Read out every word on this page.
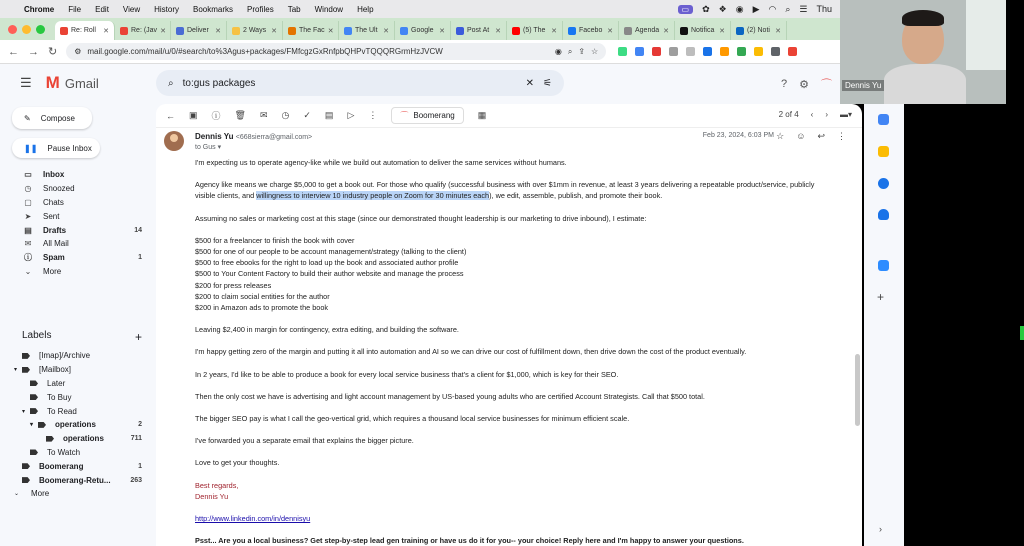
Chrome File Edit View History Bookmarks Profiles Tab Window Help	▭	✿ ❖ ◉ ▶ ◠ ⌕ ☰ Thu
Re: Roll ✕	Re: (Jav ✕	Deliver ✕	2 Ways ✕	The Fac ✕	The Ult ✕	Google ✕	Post At ✕	(5) The ✕	Facebo ✕	Agenda ✕	Notifica ✕	(2) Noti ✕
← → ↻ ⚙ mail.google.com/mail/u/0/#search/to%3Agus+packages/FMfcgzGxRnfpbQHPvTQQQRGrmHzJVCW	◉ ⌕ ⇪ ☆
☰ M Gmail	⌕ to:gus packages	✕ ⚟	? ⚙ ⌒
✎ Compose
❚❚ Pause Inbox
▭ Inbox
◷	Snoozed
▢ Chats
➤	Sent
▤ Drafts	14
✉	All Mail
ⓘ Spam	1
⌄	More
Labels	+
[Imap]/Archive
▾	[Mailbox]
Later
To Buy
▾	To Read
▾	operations	2
operations	711
To Watch
Boomerang	1
Boomerang-Retu...	263
⌄	More
← ▣ ⓘ 🗑 ✉ ◷ ✓ ▤ ▷ ⋮	⌒ Boomerang	▦	2 of 4 ‹ › ▬▾
Dennis Yu <668sierra@gmail.com>
to Gus ▾
Feb 23, 2024, 6:03 PM ☆ ☺ ↩ ⋮

I'm expecting us to operate agency-like while we build out automation to deliver the same services without humans.

Agency like means we charge $5,000 to get a book out. For those who qualify (successful business with over $1mm in revenue, at least 3 years delivering a repeatable product/service, publicly visible clients, and willingness to interview 10 industry people on Zoom for 30 minutes each), we edit, assemble, publish, and promote their book.

Assuming no sales or marketing cost at this stage (since our demonstrated thought leadership is our marketing to drive inbound), I estimate:

$500 for a freelancer to finish the book with cover

$500 for one of our people to be account management/strategy (talking to the client)

$500 to free ebooks for the right to load up the book and associated author profile

$500 to Your Content Factory to build their author website and manage the process

$200 for press releases

$200 to claim social entities for the author

$200 in Amazon ads to promote the book

Leaving $2,400 in margin for contingency, extra editing, and building the software.

I'm happy getting zero of the margin and putting it all into automation and AI so we can drive our cost of fulfillment down, then drive down the cost of the product eventually.

In 2 years, I'd like to be able to produce a book for every local service business that's a client for $1,000, which is key for their SEO.

Then the only cost we have is advertising and light account management by US-based young adults who are certified Account Strategists. Call that $500 total.

The bigger SEO pay is what I call the geo-vertical grid, which requires a thousand local service businesses for minimum efficient scale.

I've forwarded you a separate email that explains the bigger picture.

Love to get your thoughts.

Best regards,

Dennis Yu

http://www.linkedin.com/in/dennisyu

Psst... Are you a local business? Get step-by-step lead gen training or have us do it for you-- your choice! Reply here and I'm happy to answer your questions.

+
›
Dennis Yu
